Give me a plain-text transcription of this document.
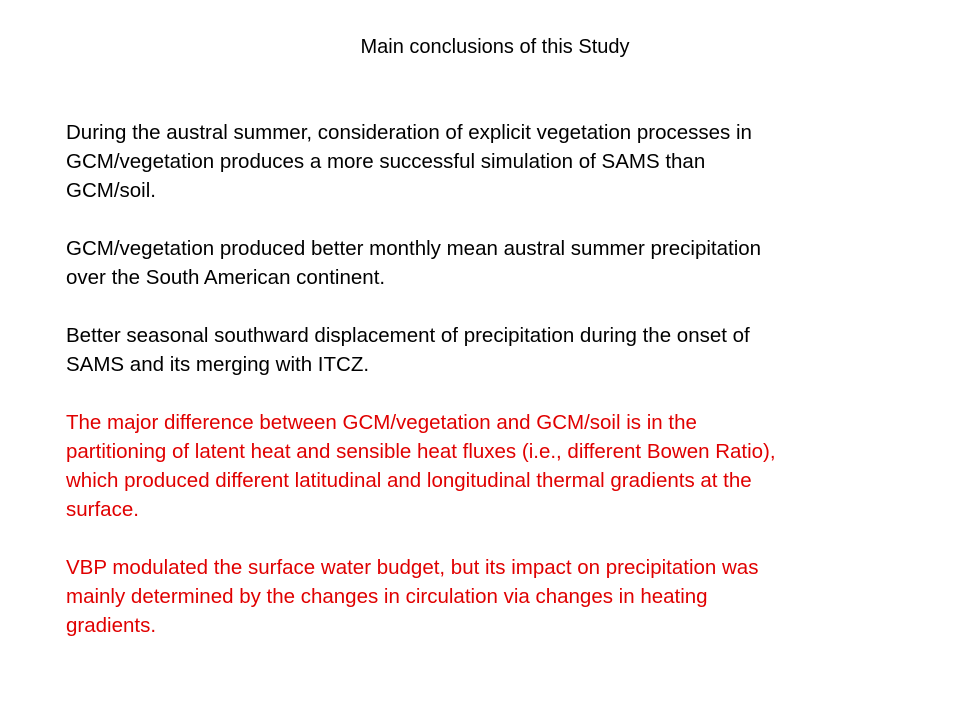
Main conclusions of this Study
During the austral summer, consideration of explicit vegetation processes in
GCM/vegetation produces a more successful simulation of SAMS than
GCM/soil.
GCM/vegetation produced better monthly mean austral summer precipitation
over the South American continent.
Better seasonal southward displacement of precipitation during the onset of
SAMS and its merging with ITCZ.
The major difference between GCM/vegetation and GCM/soil is in the
partitioning of latent heat and sensible heat fluxes (i.e., different Bowen Ratio),
which produced different latitudinal and longitudinal thermal gradients at the
surface.
VBP modulated the surface water budget, but its impact on precipitation was
mainly determined by the changes in circulation via changes in heating
gradients.
